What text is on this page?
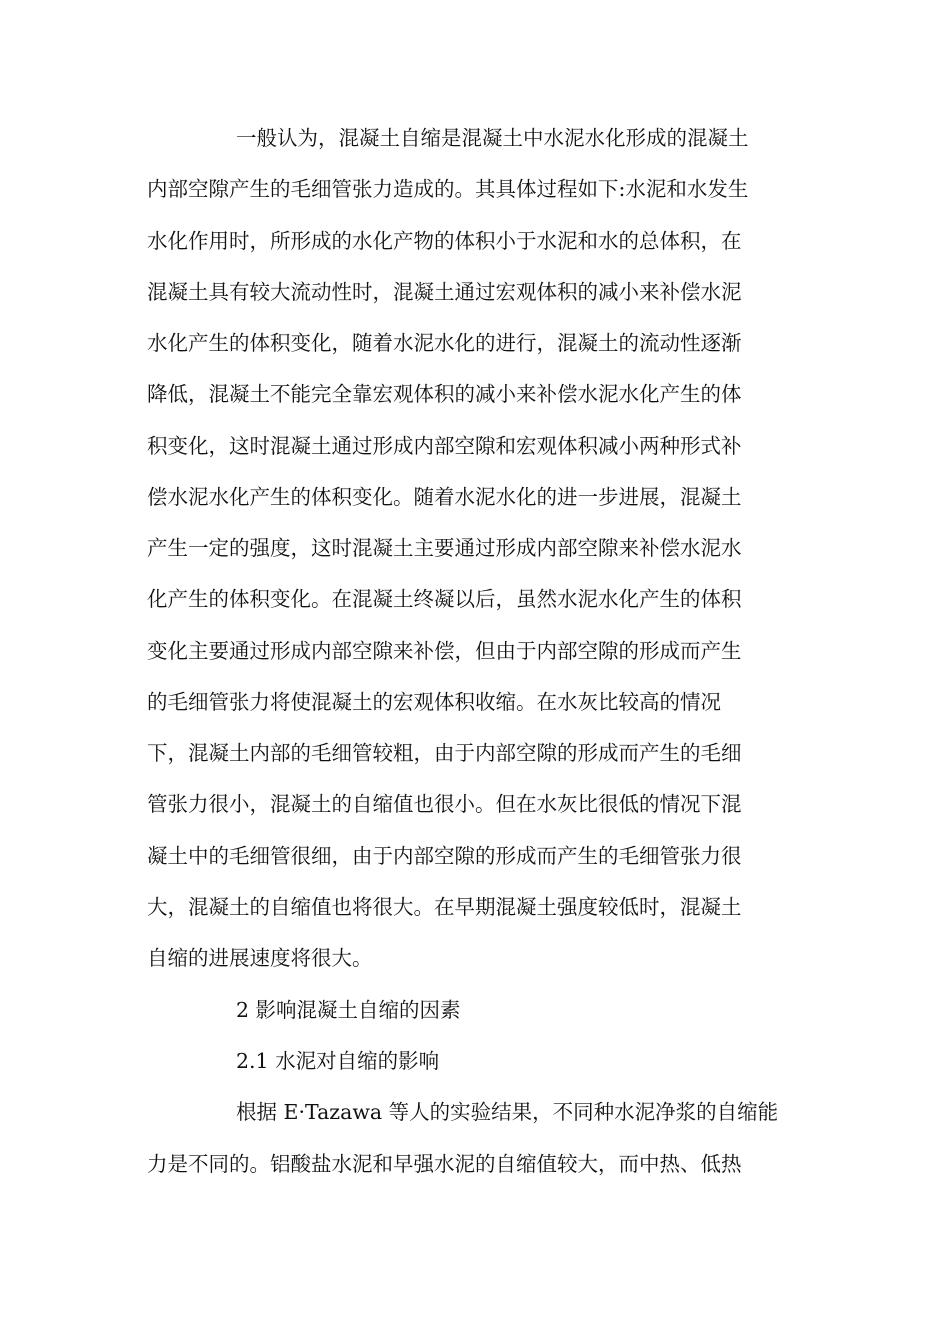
一般认为，混凝土自缩是混凝土中水泥水化形成的混凝土
内部空隙产生的毛细管张力造成的。其具体过程如下:水泥和水发生
水化作用时，所形成的水化产物的体积小于水泥和水的总体积，在
混凝土具有较大流动性时，混凝土通过宏观体积的减小来补偿水泥
水化产生的体积变化，随着水泥水化的进行，混凝土的流动性逐渐
降低，混凝土不能完全靠宏观体积的减小来补偿水泥水化产生的体
积变化，这时混凝土通过形成内部空隙和宏观体积减小两种形式补
偿水泥水化产生的体积变化。随着水泥水化的进一步进展，混凝土
产生一定的强度，这时混凝土主要通过形成内部空隙来补偿水泥水
化产生的体积变化。在混凝土终凝以后，虽然水泥水化产生的体积
变化主要通过形成内部空隙来补偿，但由于内部空隙的形成而产生
的毛细管张力将使混凝土的宏观体积收缩。在水灰比较高的情况
下，混凝土内部的毛细管较粗，由于内部空隙的形成而产生的毛细
管张力很小，混凝土的自缩值也很小。但在水灰比很低的情况下混
凝土中的毛细管很细，由于内部空隙的形成而产生的毛细管张力很
大，混凝土的自缩值也将很大。在早期混凝土强度较低时，混凝土
自缩的进展速度将很大。
2 影响混凝土自缩的因素
2.1 水泥对自缩的影响
根据 E·Tazawa 等人的实验结果，不同种水泥净浆的自缩能
力是不同的。铝酸盐水泥和早强水泥的自缩值较大，而中热、低热
